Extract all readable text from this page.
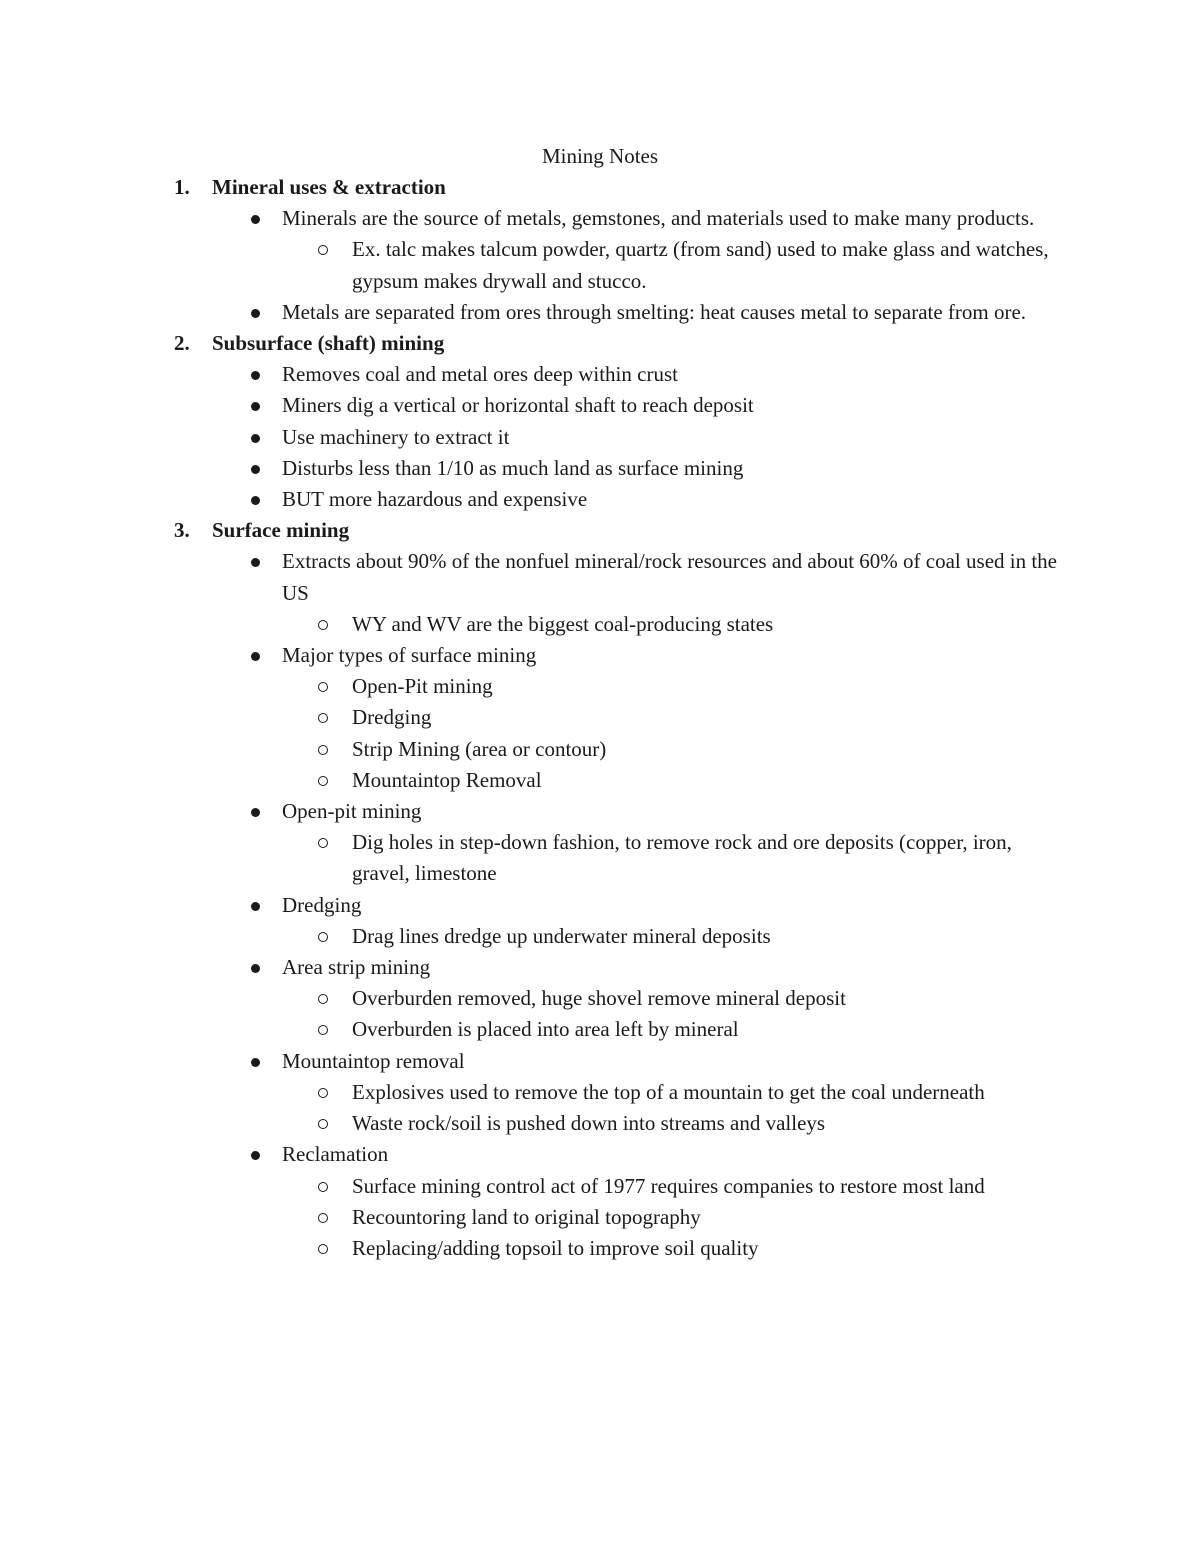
Mining Notes
1. Mineral uses & extraction
Minerals are the source of metals, gemstones, and materials used to make many products.
Ex. talc makes talcum powder, quartz (from sand) used to make glass and watches, gypsum makes drywall and stucco.
Metals are separated from ores through smelting: heat causes metal to separate from ore.
2. Subsurface (shaft) mining
Removes coal and metal ores deep within crust
Miners dig a vertical or horizontal shaft to reach deposit
Use machinery to extract it
Disturbs less than 1/10 as much land as surface mining
BUT more hazardous and expensive
3. Surface mining
Extracts about 90% of the nonfuel mineral/rock resources and about 60% of coal used in the US
WY and WV are the biggest coal-producing states
Major types of surface mining
Open-Pit mining
Dredging
Strip Mining (area or contour)
Mountaintop Removal
Open-pit mining
Dig holes in step-down fashion, to remove rock and ore deposits (copper, iron, gravel, limestone
Dredging
Drag lines dredge up underwater mineral deposits
Area strip mining
Overburden removed, huge shovel remove mineral deposit
Overburden is placed into area left by mineral
Mountaintop removal
Explosives used to remove the top of a mountain to get the coal underneath
Waste rock/soil is pushed down into streams and valleys
Reclamation
Surface mining control act of 1977 requires companies to restore most land
Recountoring land to original topography
Replacing/adding topsoil to improve soil quality
